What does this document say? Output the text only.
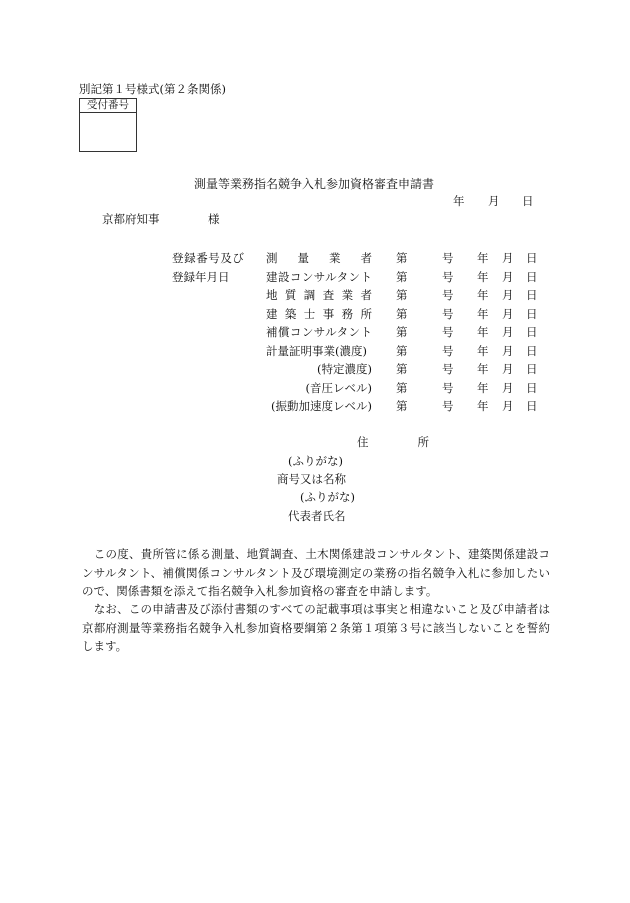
別記第１号様式(第２条関係)
受付番号
測量等業務指名競争入札参加資格審査申請書
年 月 日
京都府知事	様
登録番号及び 測量業者 第	号 年 月 日
登録年月日	建設コンサルタント 第	号 年 月 日
地質調査業者 第	号 年 月 日
建築士事務所 第	号 年 月 日
補償コンサルタント 第	号 年 月 日
計量証明事業(濃度)	第	号 年 月 日
(特定濃度) 第	号 年 月 日
(音圧レベル) 第	号 年 月 日
(振動加速度レベル) 第	号 年 月 日
住所
(ふりがな)
商号又は名称
(ふりがな)
代表者氏名
　この度、貴所管に係る測量、地質調査、土木関係建設コンサルタント、建築関係建設コンサルタント、補償関係コンサルタント及び環境測定の業務の指名競争入札に参加したいので、関係書類を添えて指名競争入札参加資格の審査を申請します。
　なお、この申請書及び添付書類のすべての記載事項は事実と相違ないこと及び申請者は京都府測量等業務指名競争入札参加資格要綱第２条第１項第３号に該当しないことを誓約します。
